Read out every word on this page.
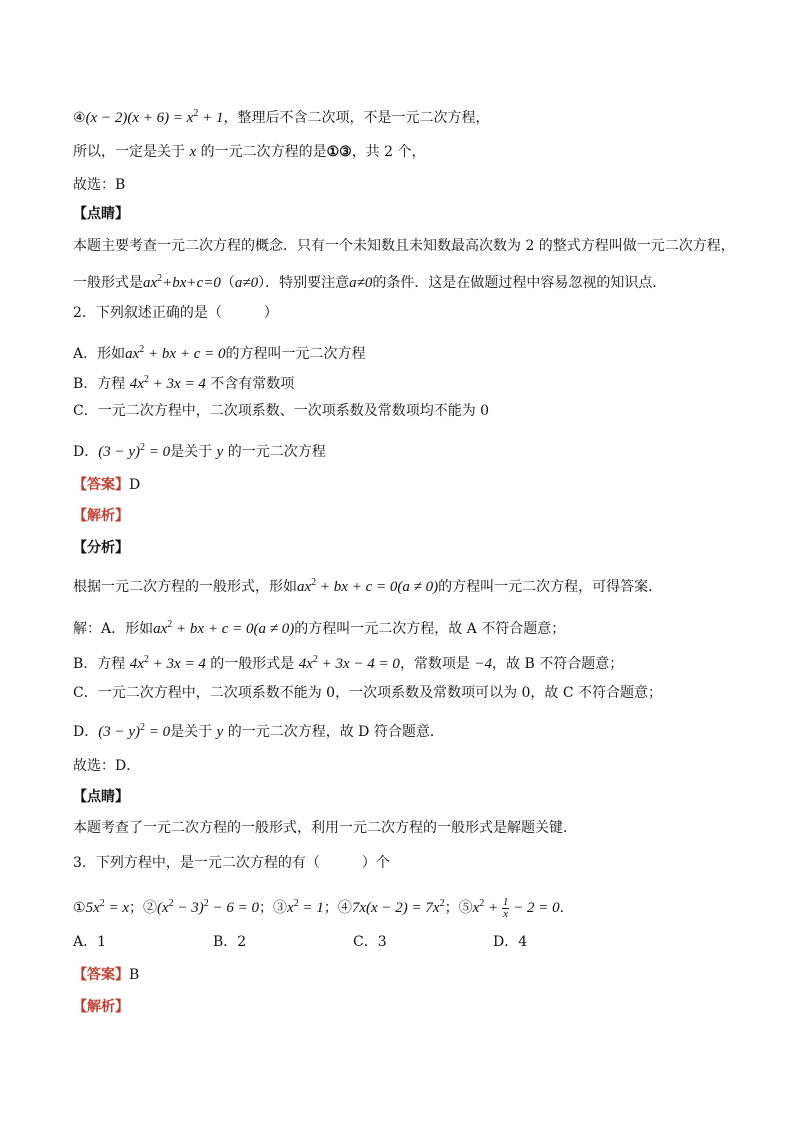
④(x − $2)(x + 6) = x^2 + 1$，整理后不含二次项，不是一元二次方程，
所以，一定是关于 x 的一元二次方程的是①③，共 2 个，
故选：B
【点睛】
本题主要考查一元二次方程的概念．只有一个未知数且未知数最高次数为 2 的整式方程叫做一元二次方程，
一般形式是$ax^2+bx+c=0(a\ne 0)$．特别要注意a≠0的条件．这是在做题过程中容易忽视的知识点．
2．下列叙述正确的是（　　　）
A．形如$ax^2$ + bx + c = 0的方程叫一元二次方程
B．方程 $4x^2 + 3x = 4$ 不含有常数项
C．一元二次方程中，二次项系数、一次项系数及常数项均不能为 0
D．$(3 - y)^2 = 0$是关于 y 的一元二次方程
【答案】D
【解析】
【分析】
根据一元二次方程的一般形式，形如$ax^2$ + bx + c = 0(a ≠ 0)的方程叫一元二次方程，可得答案．
解：A．形如$ax^2$ + bx + c = 0(a ≠ 0)的方程叫一元二次方程，故 A 不符合题意；
B．方程 $4x^2 + 3x = 4$ 的一般形式是 $4x^2 + 3x - 4 = 0$，常数项是 −4，故 B 不符合题意；
C．一元二次方程中，二次项系数不能为 0，一次项系数及常数项可以为 0，故 C 不符合题意；
D．$(3 - y)^2 = 0$是关于 y 的一元二次方程，故 D 符合题意．
故选：D．
【点睛】
本题考查了一元二次方程的一般形式，利用一元二次方程的一般形式是解题关键．
3．下列方程中，是一元二次方程的有（　　　）个
$①5x^2 = x$；$②(x^2 - 3)^2 - 6 = 0$；$③x^2 = 1$；④7x(x − $2) = 7x^2$；$⑤x^2 + \frac{1}{x} - 2 = 0$．
A．1	B．2	C．3	D．4
【答案】B
【解析】
